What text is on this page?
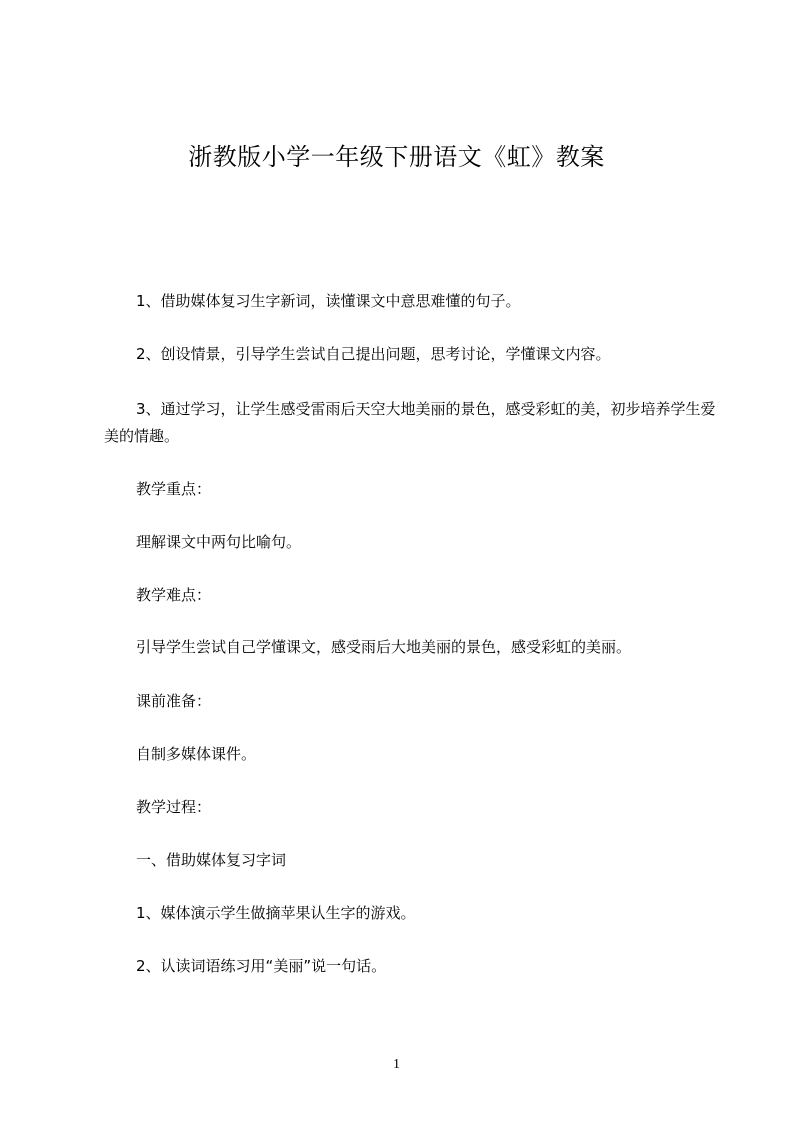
浙教版小学一年级下册语文《虹》教案
1、借助媒体复习生字新词，读懂课文中意思难懂的句子。
2、创设情景，引导学生尝试自己提出问题，思考讨论，学懂课文内容。
3、通过学习，让学生感受雷雨后天空大地美丽的景色，感受彩虹的美，初步培养学生爱美的情趣。
教学重点：
理解课文中两句比喻句。
教学难点：
引导学生尝试自己学懂课文，感受雨后大地美丽的景色，感受彩虹的美丽。
课前准备：
自制多媒体课件。
教学过程：
一、借助媒体复习字词
1、媒体演示学生做摘苹果认生字的游戏。
2、认读词语练习用“美丽”说一句话。
1
